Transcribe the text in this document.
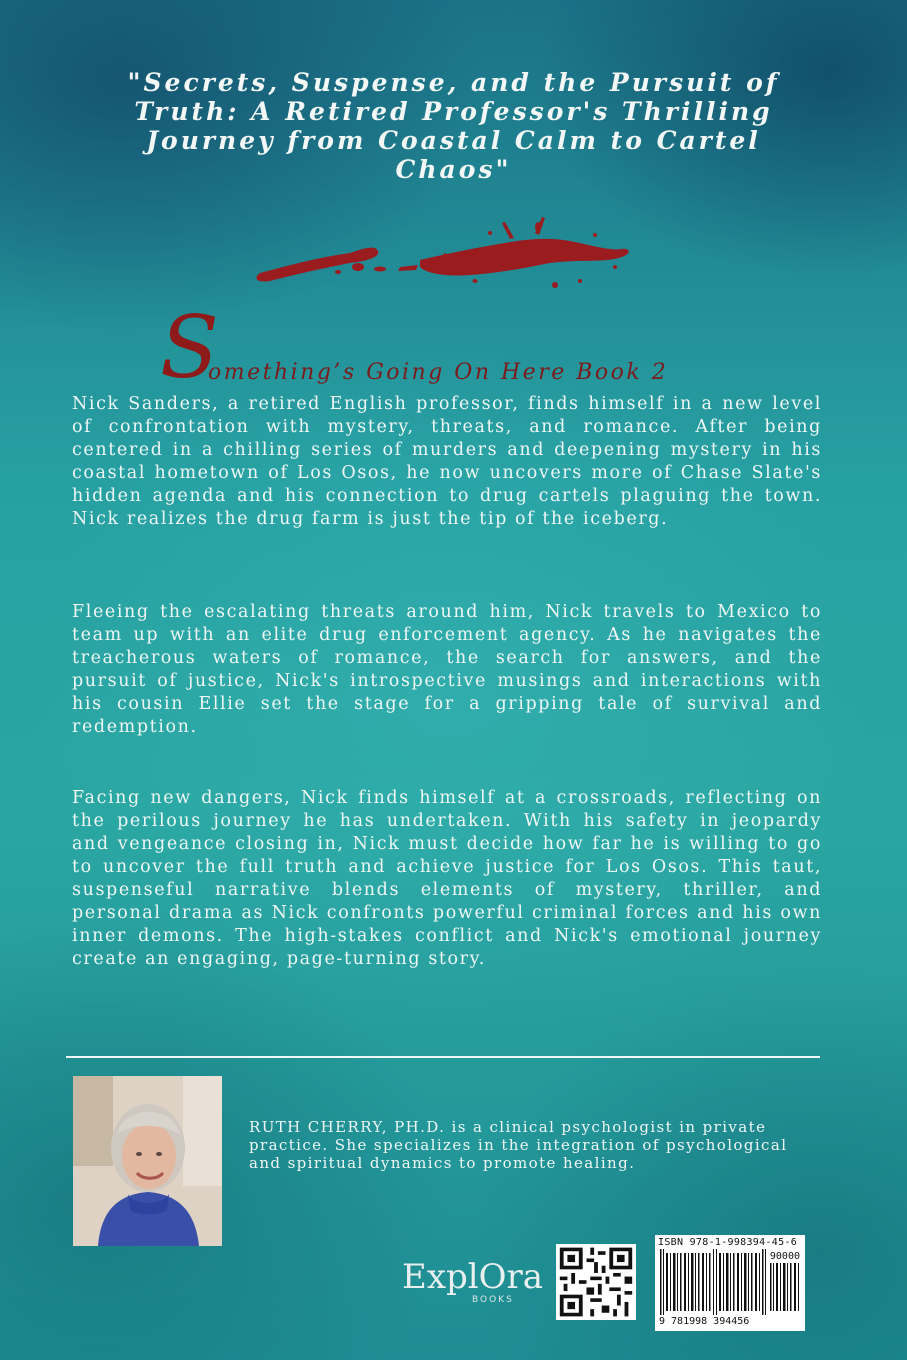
"Secrets, Suspense, and the Pursuit of Truth: A Retired Professor's Thrilling Journey from Coastal Calm to Cartel Chaos"
S
omething’s Going On Here Book 2
Nick Sanders, a retired English professor, finds himself in a new level of confrontation with mystery, threats, and romance. After being centered in a chilling series of murders and deepening mystery in his coastal hometown of Los Osos, he now uncovers more of Chase Slate's hidden agenda and his connection to drug cartels plaguing the town. Nick realizes the drug farm is just the tip of the iceberg.
Fleeing the escalating threats around him, Nick travels to Mexico to team up with an elite drug enforcement agency. As he navigates the treacherous waters of romance, the search for answers, and the pursuit of justice, Nick's introspective musings and interactions with his cousin Ellie set the stage for a gripping tale of survival and redemption.
Facing new dangers, Nick finds himself at a crossroads, reflecting on the perilous journey he has undertaken. With his safety in jeopardy and vengeance closing in, Nick must decide how far he is willing to go to uncover the full truth and achieve justice for Los Osos. This taut, suspenseful narrative blends elements of mystery, thriller, and personal drama as Nick confronts powerful criminal forces and his own inner demons. The high-stakes conflict and Nick's emotional journey create an engaging, page-turning story.
RUTH CHERRY, PH.D. is a clinical psychologist in private practice. She specializes in the integration of psychological and spiritual dynamics to promote healing.
ExplOra
BOOKS
ISBN 978-1-998394-45-6
90000
9 781998 394456
